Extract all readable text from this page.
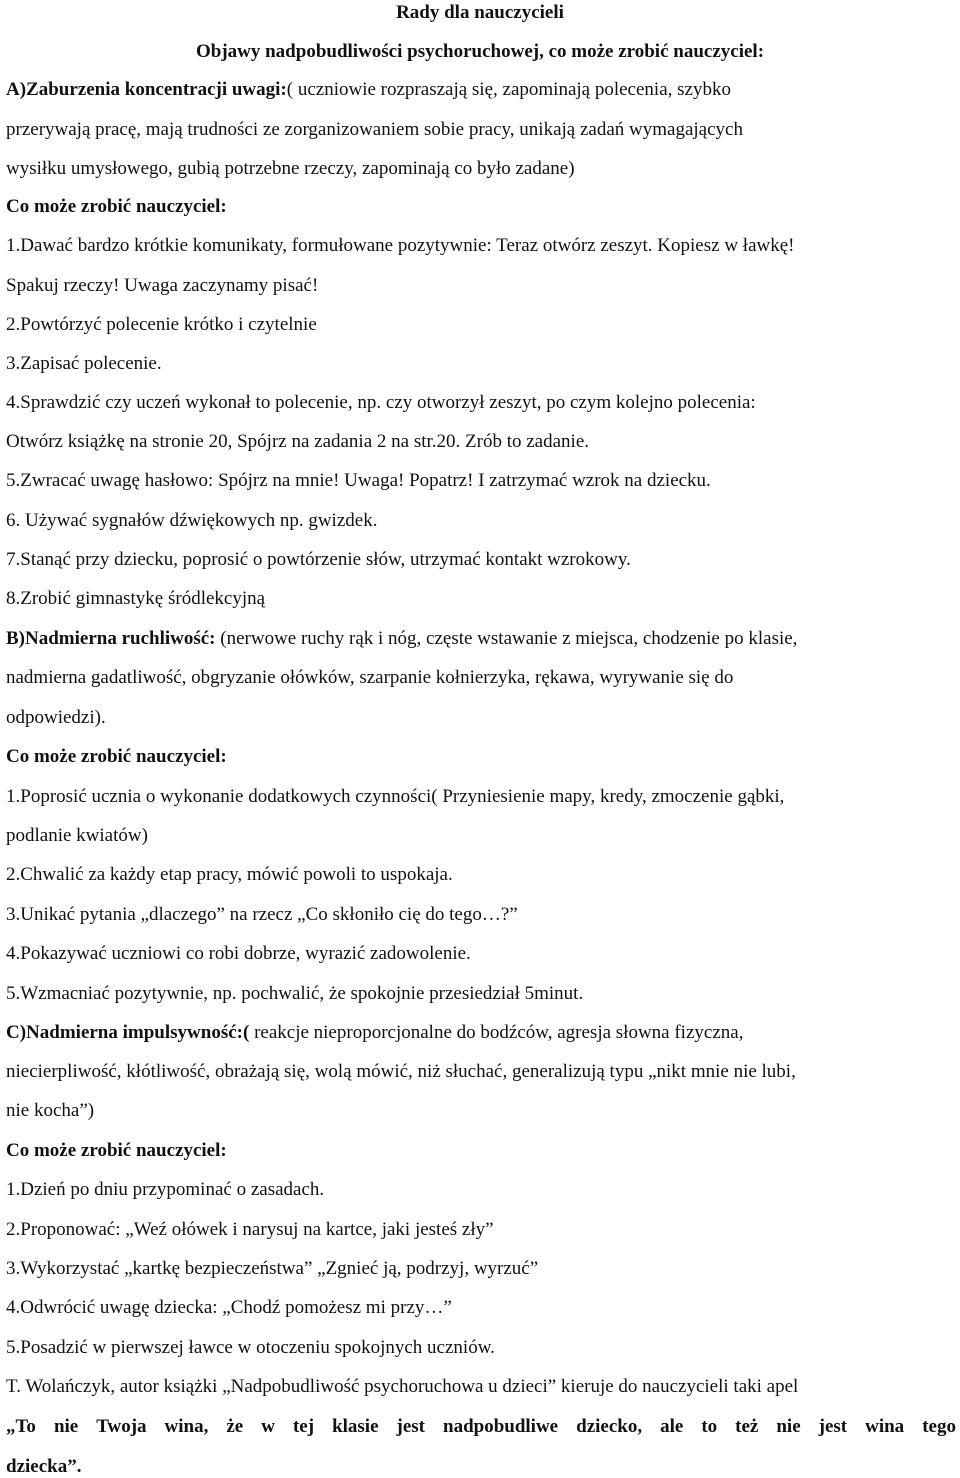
Rady dla nauczycieli
Objawy nadpobudliwości psychoruchowej, co może zrobić nauczyciel:
A)Zaburzenia koncentracji uwagi:( uczniowie rozpraszają się, zapominają polecenia, szybko
przerywają pracę, mają trudności ze zorganizowaniem sobie pracy, unikają zadań wymagających
wysiłku umysłowego, gubią potrzebne rzeczy, zapominają co było zadane)
Co może zrobić nauczyciel:
1.Dawać bardzo krótkie komunikaty, formułowane pozytywnie: Teraz otwórz zeszyt. Kopiesz w ławkę!
Spakuj rzeczy! Uwaga zaczynamy pisać!
2.Powtórzyć polecenie krótko i czytelnie
3.Zapisać polecenie.
4.Sprawdzić czy uczeń wykonał to polecenie, np. czy otworzył zeszyt, po czym kolejno polecenia:
Otwórz książkę na stronie 20, Spójrz na zadania 2 na str.20. Zrób to zadanie.
5.Zwracać uwagę hasłowo: Spójrz na mnie! Uwaga! Popatrz! I zatrzymać wzrok na dziecku.
6. Używać sygnałów dźwiękowych np. gwizdek.
7.Stanąć przy dziecku, poprosić o powtórzenie słów, utrzymać kontakt wzrokowy.
8.Zrobić gimnastykę śródlekcyjną
B)Nadmierna ruchliwość: (nerwowe ruchy rąk i nóg, częste wstawanie z miejsca, chodzenie po klasie,
nadmierna gadatliwość, obgryzanie ołówków, szarpanie kołnierzyka, rękawa, wyrywanie się do
odpowiedzi).
Co może zrobić nauczyciel:
1.Poprosić ucznia o wykonanie dodatkowych czynności( Przyniesienie mapy, kredy, zmoczenie gąbki,
podlanie kwiatów)
2.Chwalić za każdy etap pracy, mówić powoli to uspokaja.
3.Unikać pytania „dlaczego” na rzecz „Co skłoniło cię do tego…?”
4.Pokazywać uczniowi co robi dobrze, wyrazić zadowolenie.
5.Wzmacniać pozytywnie, np. pochwalić, że spokojnie przesiedział 5minut.
C)Nadmierna impulsywność:( reakcje nieproporcjonalne do bodźców, agresja słowna fizyczna,
niecierpliwość, kłótliwość, obrażają się, wolą mówić, niż słuchać, generalizują typu „nikt mnie nie lubi,
nie kocha”)
Co może zrobić nauczyciel:
1.Dzień po dniu przypominać o zasadach.
2.Proponować: „Weź ołówek i narysuj na kartce, jaki jesteś zły”
3.Wykorzystać „kartkę bezpieczeństwa” „Zgnieć ją, podrzyj, wyrzuć”
4.Odwrócić uwagę dziecka: „Chodź pomożesz mi przy…”
5.Posadzić w pierwszej ławce w otoczeniu spokojnych uczniów.
T. Wolańczyk, autor książki „Nadpobudliwość psychoruchowa u dzieci” kieruje do nauczycieli taki apel
„To nie Twoja wina, że w tej klasie jest nadpobudliwe dziecko, ale to też nie jest wina tego
dziecka”.
